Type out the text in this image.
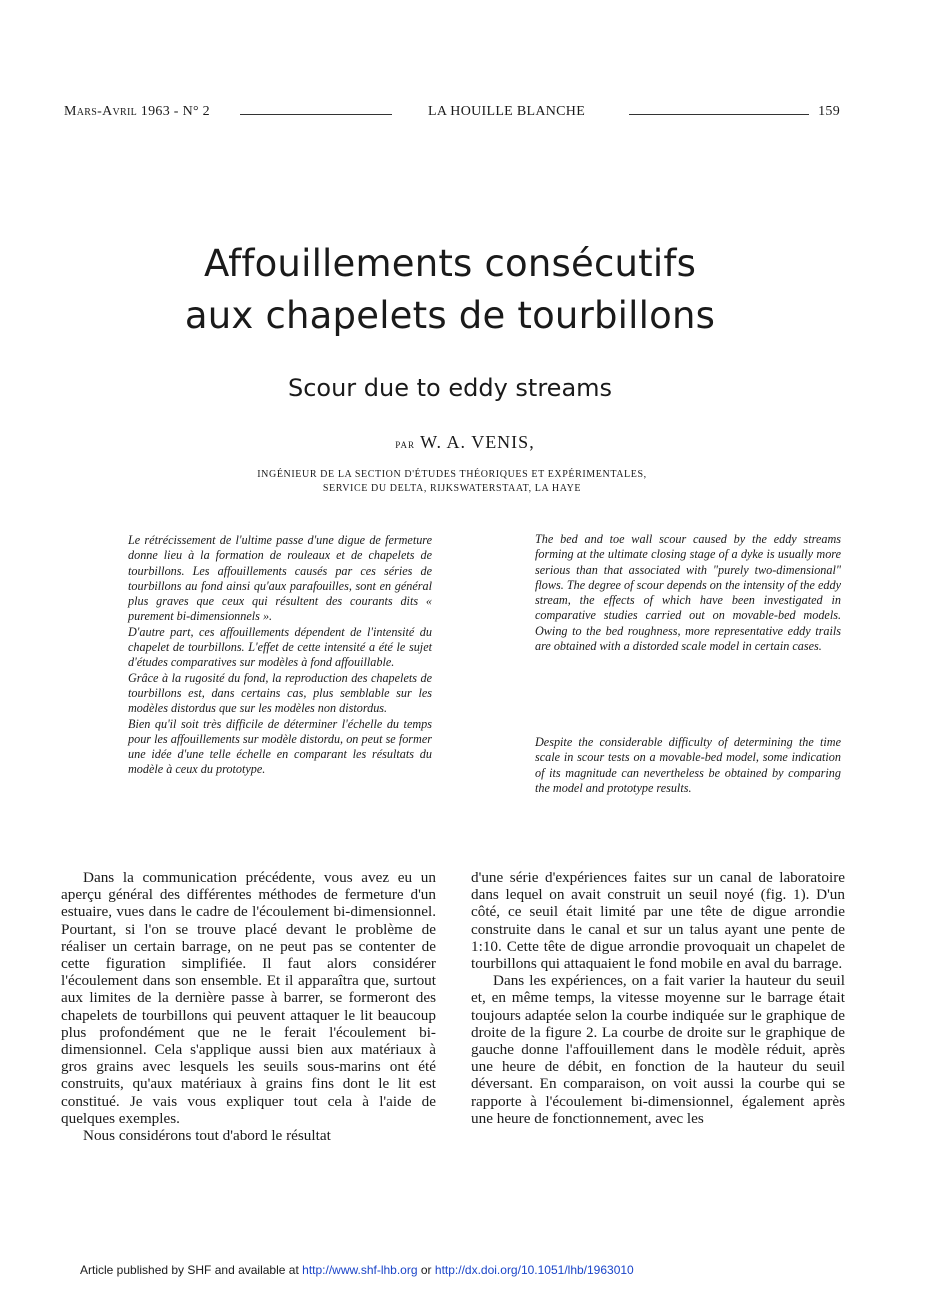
Mars-Avril 1963 - N° 2	LA HOUILLE BLANCHE	159
Affouillements consécutifs
aux chapelets de tourbillons
Scour due to eddy streams
par W. A. VENIS,
INGÉNIEUR DE LA SECTION D'ÉTUDES THÉORIQUES ET EXPÉRIMENTALES,
SERVICE DU DELTA, RIJKSWATERSTAAT, LA HAYE

Le rétrécissement de l'ultime passe d'une digue de fermeture donne lieu à la formation de rouleaux et de chapelets de tourbillons. Les affouillements causés par ces séries de tourbillons au fond ainsi qu'aux parafouilles, sont en général plus graves que ceux qui résultent des courants dits « purement bi-dimensionnels ».

D'autre part, ces affouillements dépendent de l'intensité du chapelet de tourbillons. L'effet de cette intensité a été le sujet d'études comparatives sur modèles à fond affouillable.

Grâce à la rugosité du fond, la reproduction des chapelets de tourbillons est, dans certains cas, plus semblable sur les modèles distordus que sur les modèles non distordus.

Bien qu'il soit très difficile de déterminer l'échelle du temps pour les affouillements sur modèle distordu, on peut se former une idée d'une telle échelle en comparant les résultats du modèle à ceux du prototype.

The bed and toe wall scour caused by the eddy streams forming at the ultimate closing stage of a dyke is usually more serious than that associated with "purely two-dimensional" flows. The degree of scour depends on the intensity of the eddy stream, the effects of which have been investigated in comparative studies carried out on movable-bed models. Owing to the bed roughness, more representative eddy trails are obtained with a distorded scale model in certain cases.

Despite the considerable difficulty of determining the time scale in scour tests on a movable-bed model, some indication of its magnitude can nevertheless be obtained by comparing the model and prototype results.

Dans la communication précédente, vous avez eu un aperçu général des différentes méthodes de fermeture d'un estuaire, vues dans le cadre de l'écoulement bi-dimensionnel. Pourtant, si l'on se trouve placé devant le problème de réaliser un certain barrage, on ne peut pas se contenter de cette figuration simplifiée. Il faut alors considérer l'écoulement dans son ensemble. Et il apparaîtra que, surtout aux limites de la dernière passe à barrer, se formeront des chapelets de tourbillons qui peuvent attaquer le lit beaucoup plus profondément que ne le ferait l'écoulement bi-dimensionnel. Cela s'applique aussi bien aux matériaux à gros grains avec lesquels les seuils sous-marins ont été construits, qu'aux matériaux à grains fins dont le lit est constitué. Je vais vous expliquer tout cela à l'aide de quelques exemples.

Nous considérons tout d'abord le résultat

d'une série d'expériences faites sur un canal de laboratoire dans lequel on avait construit un seuil noyé (fig. 1). D'un côté, ce seuil était limité par une tête de digue arrondie construite dans le canal et sur un talus ayant une pente de 1:10. Cette tête de digue arrondie provoquait un chapelet de tourbillons qui attaquaient le fond mobile en aval du barrage.

Dans les expériences, on a fait varier la hauteur du seuil et, en même temps, la vitesse moyenne sur le barrage était toujours adaptée selon la courbe indiquée sur le graphique de droite de la figure 2. La courbe de droite sur le graphique de gauche donne l'affouillement dans le modèle réduit, après une heure de débit, en fonction de la hauteur du seuil déversant. En comparaison, on voit aussi la courbe qui se rapporte à l'écoulement bi-dimensionnel, également après une heure de fonctionnement, avec les

Article published by SHF and available at http://www.shf-lhb.org or http://dx.doi.org/10.1051/lhb/1963010
